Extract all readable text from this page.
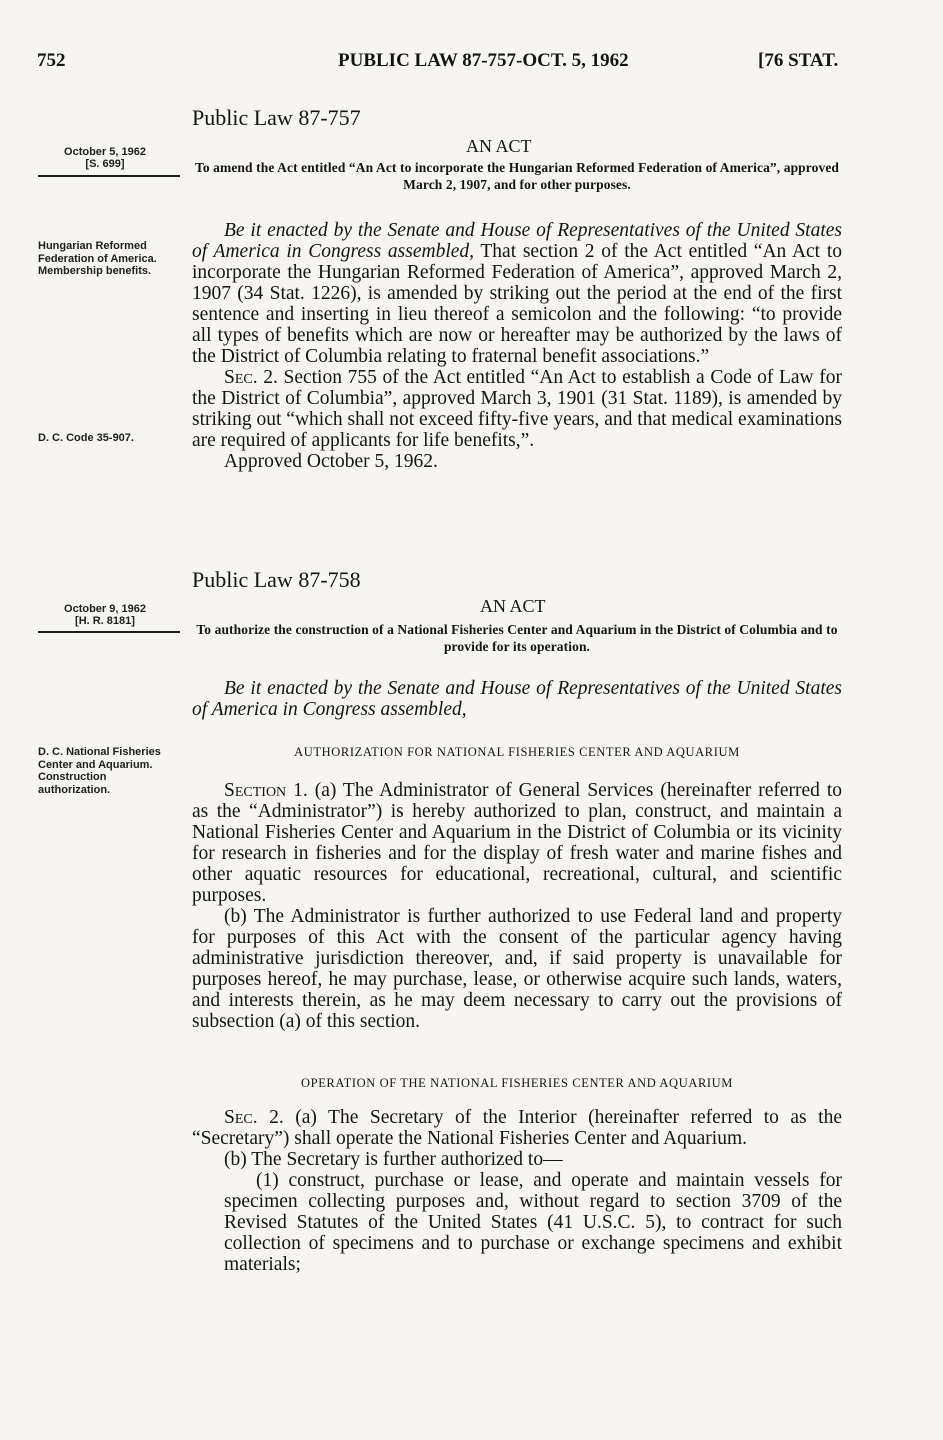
752	PUBLIC LAW 87-757-OCT. 5, 1962	[76 STAT.
Public Law 87-757
October 5, 1962
[S. 699]
AN ACT
To amend the Act entitled “An Act to incorporate the Hungarian Reformed Federation of America”, approved March 2, 1907, and for other purposes.
Hungarian Reformed Federation of America. Membership benefits.
D. C. Code 35-907.

Be it enacted by the Senate and House of Representatives of the United States of America in Congress assembled, That section 2 of the Act entitled “An Act to incorporate the Hungarian Reformed Federation of America”, approved March 2, 1907 (34 Stat. 1226), is amended by striking out the period at the end of the first sentence and inserting in lieu thereof a semicolon and the following: “to provide all types of benefits which are now or hereafter may be authorized by the laws of the District of Columbia relating to fraternal benefit associations.”

Sec. 2. Section 755 of the Act entitled “An Act to establish a Code of Law for the District of Columbia”, approved March 3, 1901 (31 Stat. 1189), is amended by striking out “which shall not exceed fifty-five years, and that medical examinations are required of applicants for life benefits,”.

Approved October 5, 1962.

Public Law 87-758
October 9, 1962
[H. R. 8181]
AN ACT
To authorize the construction of a National Fisheries Center and Aquarium in the District of Columbia and to provide for its operation.

Be it enacted by the Senate and House of Representatives of the United States of America in Congress assembled,

D. C. National Fisheries Center and Aquarium. Construction authorization.
AUTHORIZATION FOR NATIONAL FISHERIES CENTER AND AQUARIUM

Section 1. (a) The Administrator of General Services (hereinafter referred to as the “Administrator”) is hereby authorized to plan, construct, and maintain a National Fisheries Center and Aquarium in the District of Columbia or its vicinity for research in fisheries and for the display of fresh water and marine fishes and other aquatic resources for educational, recreational, cultural, and scientific purposes.

(b) The Administrator is further authorized to use Federal land and property for purposes of this Act with the consent of the particular agency having administrative jurisdiction thereover, and, if said property is unavailable for purposes hereof, he may purchase, lease, or otherwise acquire such lands, waters, and interests therein, as he may deem necessary to carry out the provisions of subsection (a) of this section.

OPERATION OF THE NATIONAL FISHERIES CENTER AND AQUARIUM

Sec. 2. (a) The Secretary of the Interior (hereinafter referred to as the “Secretary”) shall operate the National Fisheries Center and Aquarium.

(b) The Secretary is further authorized to—

(1) construct, purchase or lease, and operate and maintain vessels for specimen collecting purposes and, without regard to section 3709 of the Revised Statutes of the United States (41 U.S.C. 5), to contract for such collection of specimens and to purchase or exchange specimens and exhibit materials;
